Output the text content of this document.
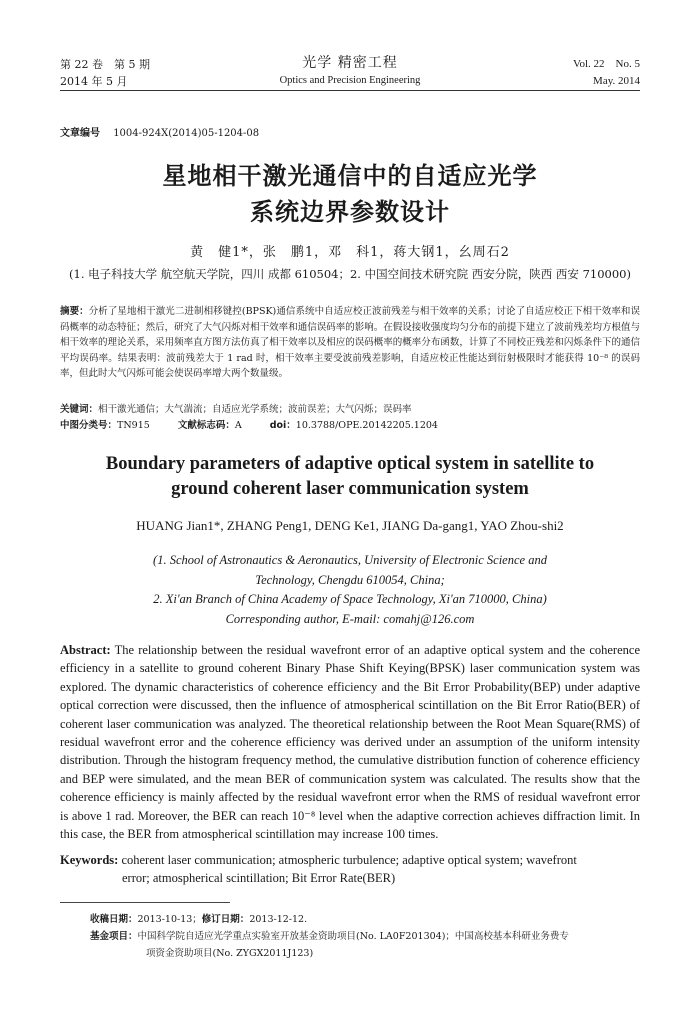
第 22 卷　第 5 期
2014 年 5 月
光学 精密工程
Optics and Precision Engineering
Vol. 22　No. 5
May. 2014
文章编号 　 1004-924X(2014)05-1204-08
星地相干激光通信中的自适应光学
系统边界参数设计
黄　健1*，张　鹏1，邓　科1，蒋大钢1，幺周石2
(1. 电子科技大学 航空航天学院，四川 成都 610504；2. 中国空间技术研究院 西安分院，陕西 西安 710000)
摘要：分析了星地相干激光二进制相移键控(BPSK)通信系统中自适应校正波前残差与相干效率的关系；讨论了自适应校正下相干效率和误码概率的动态特征；然后，研究了大气闪烁对相干效率和通信误码率的影响。在假设接收强度均匀分布的前提下建立了波前残差均方根值与相干效率的理论关系，采用频率直方图方法仿真了相干效率以及相应的误码概率的概率分布函数，计算了不同校正残差和闪烁条件下的通信平均误码率。结果表明：波前残差大于 1 rad 时，相干效率主要受波前残差影响，自适应校正性能达到衍射极限时才能获得 10⁻⁸ 的误码率，但此时大气闪烁可能会使误码率增大两个数量级。
关键词：相干激光通信；大气湍流；自适应光学系统；波前误差；大气闪烁；误码率
中图分类号：TN915	文献标志码：A	doi：10.3788/OPE.20142205.1204
Boundary parameters of adaptive optical system in satellite to
ground coherent laser communication system
HUANG Jian1*, ZHANG Peng1, DENG Ke1, JIANG Da-gang1, YAO Zhou-shi2
(1. School of Astronautics & Aeronautics, University of Electronic Science and
Technology, Chengdu 610054, China;
2. Xi'an Branch of China Academy of Space Technology, Xi'an 710000, China)
Corresponding author, E-mail: comahj@126.com
Abstract: The relationship between the residual wavefront error of an adaptive optical system and the coherence efficiency in a satellite to ground coherent Binary Phase Shift Keying(BPSK) laser communication system was explored. The dynamic characteristics of coherence efficiency and the Bit Error Probability(BEP) under adaptive optical correction were discussed, then the influence of atmospherical scintillation on the Bit Error Ratio(BER) of coherent laser communication was analyzed. The theoretical relationship between the Root Mean Square(RMS) of residual wavefront error and the coherence efficiency was derived under an assumption of the uniform intensity distribution. Through the histogram frequency method, the cumulative distribution function of coherence efficiency and BEP were simulated, and the mean BER of communication system was calculated. The results show that the coherence efficiency is mainly affected by the residual wavefront error when the RMS of residual wavefront error is above 1 rad. Moreover, the BER can reach 10⁻⁸ level when the adaptive correction achieves diffraction limit. In this case, the BER from atmospherical scintillation may increase 100 times.
Keywords: coherent laser communication; atmospheric turbulence; adaptive optical system; wavefront
error; atmospherical scintillation; Bit Error Rate(BER)
收稿日期：2013-10-13；修订日期：2013-12-12.
基金项目：中国科学院自适应光学重点实验室开放基金资助项目(No. LA0F201304)；中国高校基本科研业务费专
项资金资助项目(No. ZYGX2011J123)
